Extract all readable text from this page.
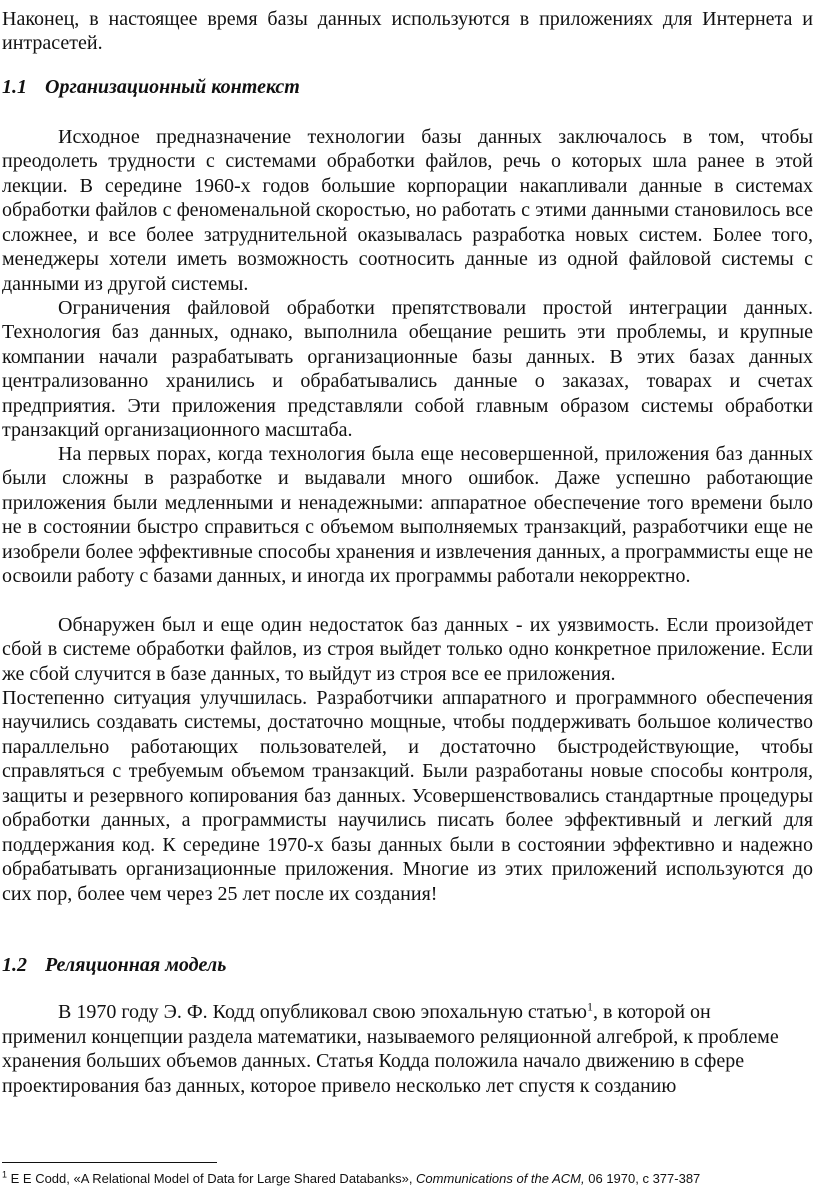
Наконец, в настоящее время базы данных используются в приложениях для Интернета и интрасетей.

1.1 Организационный контекст

Исходное предназначение технологии базы данных заключалось в том, чтобы преодолеть трудности с системами обработки файлов, речь о которых шла ранее в этой лекции. В середине 1960-х годов большие корпорации накапливали данные в системах обработки файлов с феноменальной скоростью, но работать с этими данными становилось все сложнее, и все более затруднительной оказывалась разработка новых систем. Более того, менеджеры хотели иметь возможность соотносить данные из одной файловой системы с данными из другой системы.

Ограничения файловой обработки препятствовали простой интеграции данных. Технология баз данных, однако, выполнила обещание решить эти проблемы, и крупные компании начали разрабатывать организационные базы данных. В этих базах данных централизованно хранились и обрабатывались данные о заказах, товарах и счетах предприятия. Эти приложения представляли собой главным образом системы обработки транзакций организационного масштаба.

На первых порах, когда технология была еще несовершенной, приложения баз данных были сложны в разработке и выдавали много ошибок. Даже успешно работающие приложения были медленными и ненадежными: аппаратное обеспечение того времени было не в состоянии быстро справиться с объемом выполняемых транзакций, разработчики еще не изобрели более эффективные способы хранения и извлечения данных, а программисты еще не освоили работу с базами данных, и иногда их программы работали некорректно.

Обнаружен был и еще один недостаток баз данных - их уязвимость. Если произойдет сбой в системе обработки файлов, из строя выйдет только одно конкретное приложение. Если же сбой случится в базе данных, то выйдут из строя все ее приложения.

Постепенно ситуация улучшилась. Разработчики аппаратного и программного обеспечения научились создавать системы, достаточно мощные, чтобы поддерживать большое количество параллельно работающих пользователей, и достаточно быстродействующие, чтобы справляться с требуемым объемом транзакций. Были разработаны новые способы контроля, защиты и резервного копирования баз данных. Усовершенствовались стандартные процедуры обработки данных, а программисты научились писать более эффективный и легкий для поддержания код. К середине 1970-х базы данных были в состоянии эффективно и надежно обрабатывать организационные приложения. Многие из этих приложений используются до сих пор, более чем через 25 лет после их создания!

1.2 Реляционная модель

В 1970 году Э. Ф. Кодд опубликовал свою эпохальную статью$^1$, в которой он применил концепции раздела математики, называемого реляционной алгеброй, к проблеме хранения больших объемов данных. Статья Кодда положила начало движению в сфере проектирования баз данных, которое привело несколько лет спустя к созданию

$^1$ E E Codd, «A Relational Model of Data for Large Shared Databanks», Communications of the ACM, 06 1970, c 377-387
